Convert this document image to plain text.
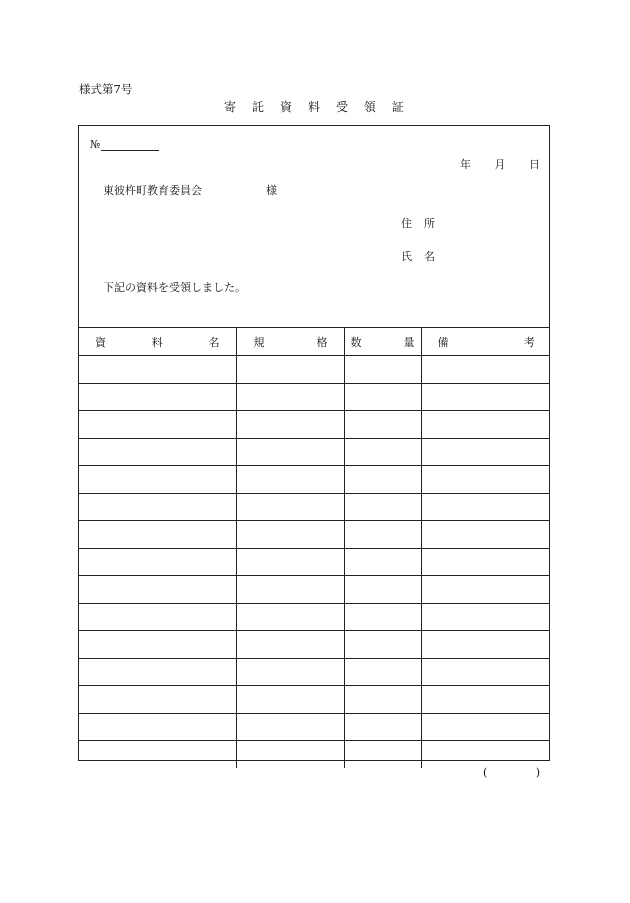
様式第7号
寄 託 資 料 受 領 証
№
年 月 日
東彼杵町教育委員会	様
住 所
氏 名
下記の資料を受領しました。
資 料 名	規 格	数 量	備 考

(	)
